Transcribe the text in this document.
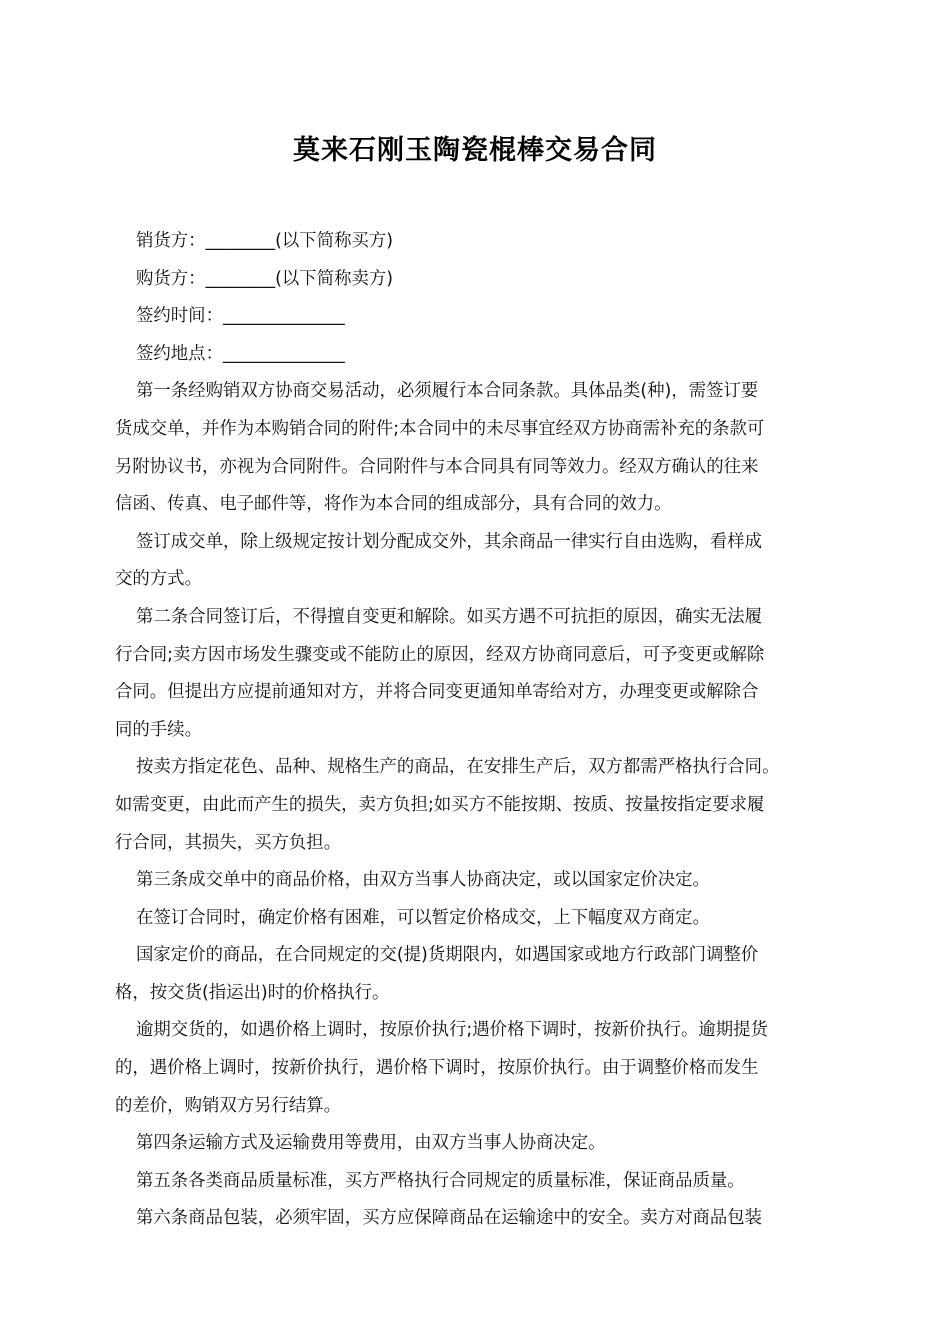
莫来石刚玉陶瓷棍棒交易合同
销货方：________(以下简称买方)
购货方：________(以下简称卖方)
签约时间：______________
签约地点：______________
第一条经购销双方协商交易活动，必须履行本合同条款。具体品类(种)，需签订要
货成交单，并作为本购销合同的附件;本合同中的未尽事宜经双方协商需补充的条款可
另附协议书，亦视为合同附件。合同附件与本合同具有同等效力。经双方确认的往来
信函、传真、电子邮件等，将作为本合同的组成部分，具有合同的效力。
签订成交单，除上级规定按计划分配成交外，其余商品一律实行自由选购，看样成
交的方式。
第二条合同签订后，不得擅自变更和解除。如买方遇不可抗拒的原因，确实无法履
行合同;卖方因市场发生骤变或不能防止的原因，经双方协商同意后，可予变更或解除
合同。但提出方应提前通知对方，并将合同变更通知单寄给对方，办理变更或解除合
同的手续。
按卖方指定花色、品种、规格生产的商品，在安排生产后，双方都需严格执行合同。
如需变更，由此而产生的损失，卖方负担;如买方不能按期、按质、按量按指定要求履
行合同，其损失，买方负担。
第三条成交单中的商品价格，由双方当事人协商决定，或以国家定价决定。
在签订合同时，确定价格有困难，可以暂定价格成交，上下幅度双方商定。
国家定价的商品，在合同规定的交(提)货期限内，如遇国家或地方行政部门调整价
格，按交货(指运出)时的价格执行。
逾期交货的，如遇价格上调时，按原价执行;遇价格下调时，按新价执行。逾期提货
的，遇价格上调时，按新价执行，遇价格下调时，按原价执行。由于调整价格而发生
的差价，购销双方另行结算。
第四条运输方式及运输费用等费用，由双方当事人协商决定。
第五条各类商品质量标准，买方严格执行合同规定的质量标准，保证商品质量。
第六条商品包装，必须牢固，买方应保障商品在运输途中的安全。卖方对商品包装
